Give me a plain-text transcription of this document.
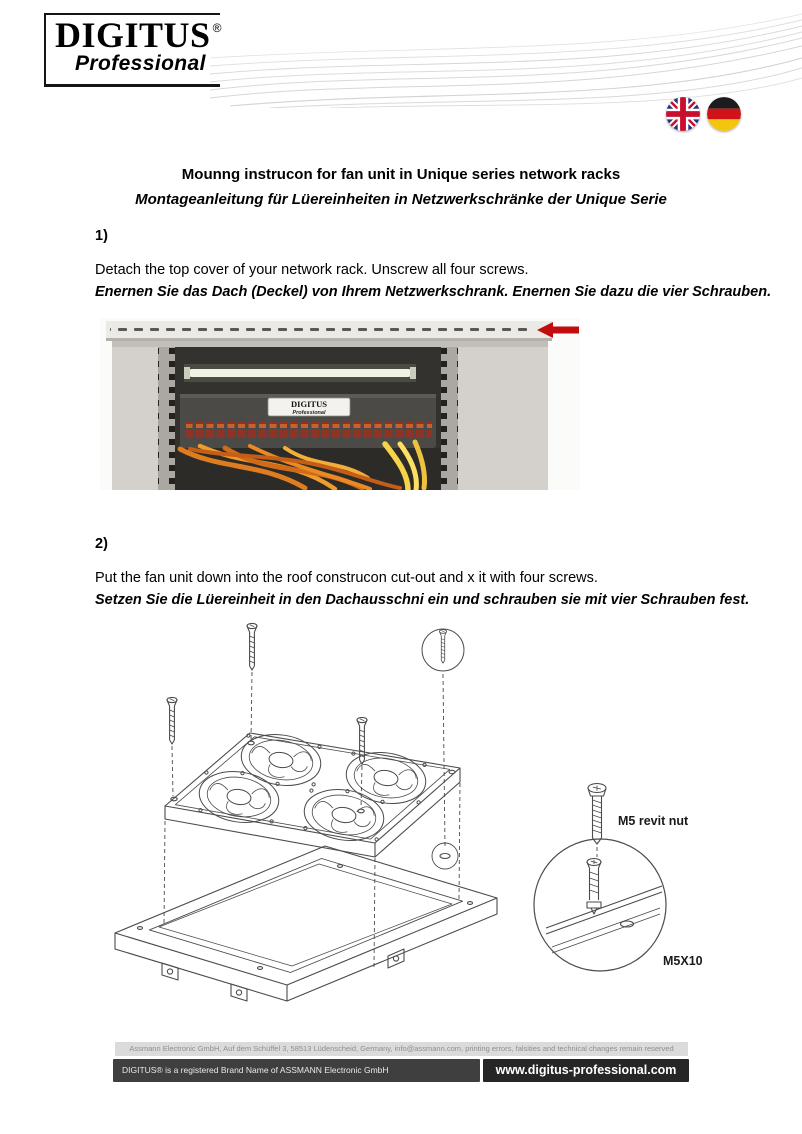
DIGITUS ®
Professional
Mounng instrucon for fan unit in Unique series network racks
Montageanleitung für Lüereinheiten in Netzwerkschränke der Unique Serie
1)
Detach the top cover of your network rack. Unscrew all four screws.
Enernen Sie das Dach (Deckel) von Ihrem Netzwerkschrank. Enernen Sie dazu die vier Schrauben.
DIGITUS
Professional
2)
Put the fan unit down into the roof construcon cut-out and x it with four screws.
Setzen Sie die Lüereinheit in den Dachausschni ein und schrauben sie mit vier Schrauben fest.
M5 revit nut
M5X10
Assmann Electronic GmbH, Auf dem Schüffel 3, 58513 Lüdenscheid, Germany, info@assmann.com, printing errors, falsities and technical changes remain reserved
DIGITUS® is a registered Brand Name of ASSMANN Electronic GmbH	www.digitus-professional.com
